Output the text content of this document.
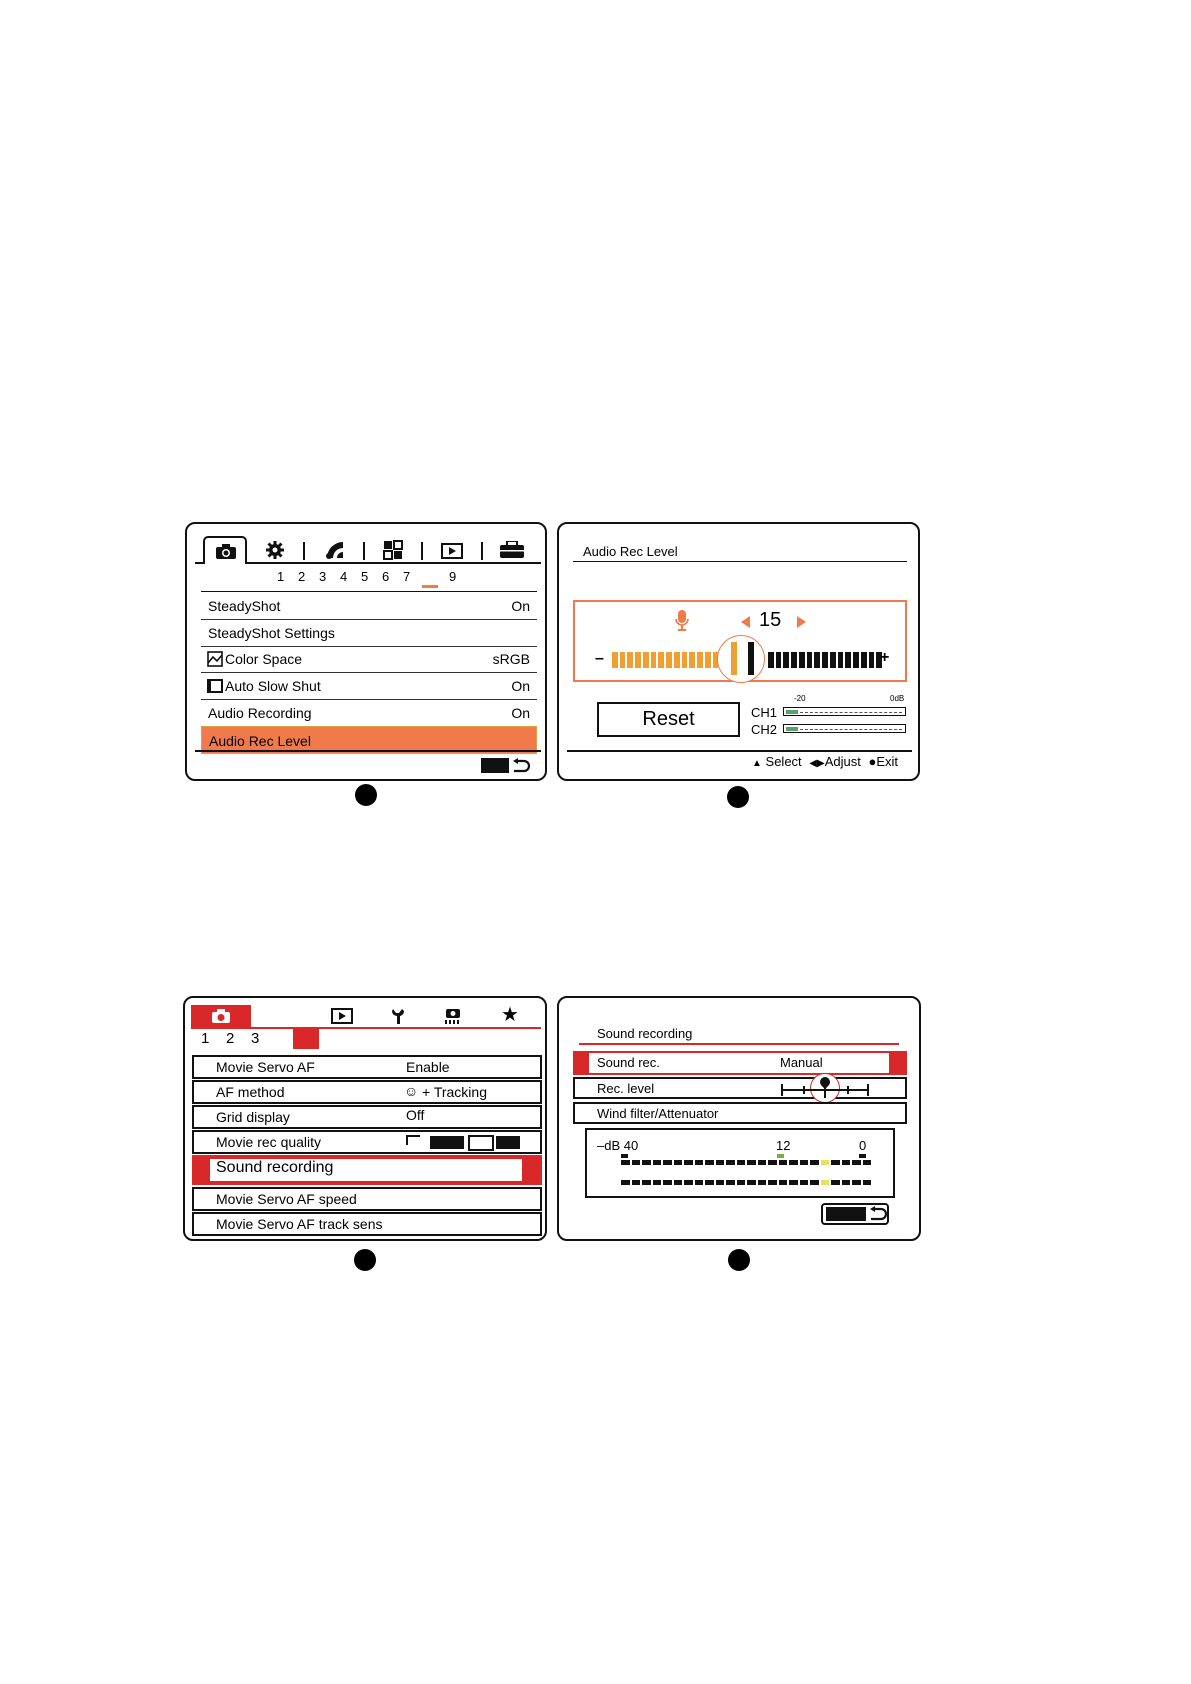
1 2 3 4 5 6 7	9
SteadyShot	On
SteadyShot Settings
Color Space	sRGB
Auto Slow Shut	On
Audio Recording	On
Audio Rec Level
Audio Rec Level
15
–	+
Reset
-20	0dB
CH1
CH2
▲︎ Select ◀▶Adjust ●Exit
★
1 2 3
Movie Servo AF	Enable
AF method	☺ + Tracking
Grid display	Off
Movie rec quality
Sound recording
Movie Servo AF speed
Movie Servo AF track sens
Sound recording
Sound rec.	Manual
Rec. level
Wind filter/Attenuator
–dB 40	12	0
